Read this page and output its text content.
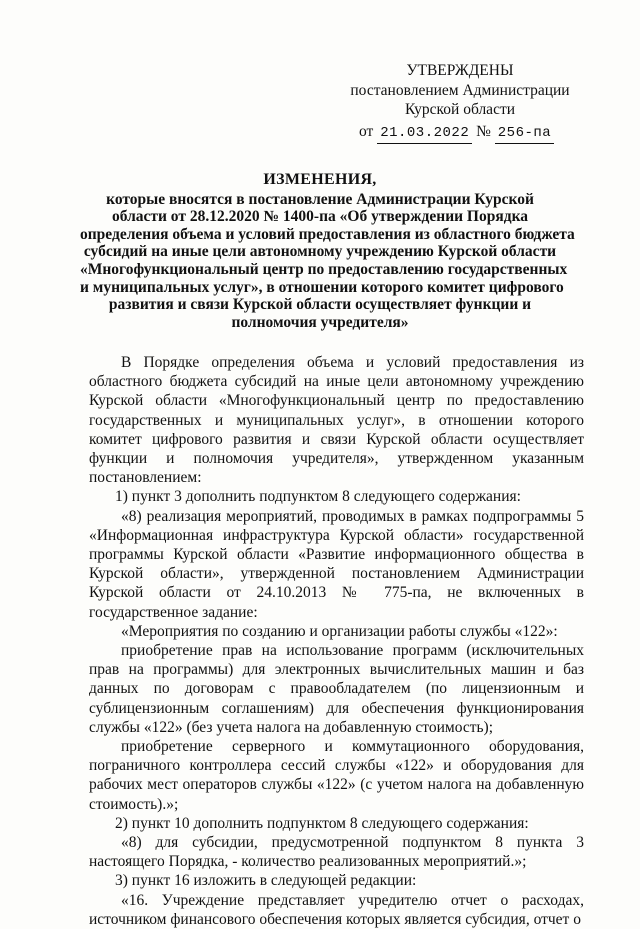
УТВЕРЖДЕНЫ
постановлением Администрации
Курской области
от 21.03.2022 № 256-па
ИЗМЕНЕНИЯ,
которые вносятся в постановление Администрации Курской
области от 28.12.2020 № 1400-па «Об утверждении Порядка
определения объема и условий предоставления из областного бюджета
субсидий на иные цели автономному учреждению Курской области
«Многофункциональный центр по предоставлению государственных
и муниципальных услуг», в отношении которого комитет цифрового
развития и связи Курской области осуществляет функции и
полномочия учредителя»

В Порядке определения объема и условий предоставления из областного бюджета субсидий на иные цели автономному учреждению Курской области «Многофункциональный центр по предоставлению государственных и муниципальных услуг», в отношении которого комитет цифрового развития и связи Курской области осуществляет функции и полномочия учредителя», утвержденном указанным постановлением:

1) пункт 3 дополнить подпунктом 8 следующего содержания:

«8) реализация мероприятий, проводимых в рамках подпрограммы 5 «Информационная инфраструктура Курской области» государственной программы Курской области «Развитие информационного общества в Курской области», утвержденной постановлением Администрации Курской области от 24.10.2013 № 775-па, не включенных в государственное задание:

«Мероприятия по созданию и организации работы службы «122»:

приобретение прав на использование программ (исключительных прав на программы) для электронных вычислительных машин и баз данных по договорам с правообладателем (по лицензионным и сублицензионным соглашениям) для обеспечения функционирования службы «122» (без учета налога на добавленную стоимость);

приобретение серверного и коммутационного оборудования, пограничного контроллера сессий службы «122» и оборудования для рабочих мест операторов службы «122» (с учетом налога на добавленную стоимость).»;

2) пункт 10 дополнить подпунктом 8 следующего содержания:

«8) для субсидии, предусмотренной подпунктом 8 пункта 3 настоящего Порядка, - количество реализованных мероприятий.»;

3) пункт 16 изложить в следующей редакции:

«16. Учреждение представляет учредителю отчет о расходах, источником финансового обеспечения которых является субсидия, отчет о
